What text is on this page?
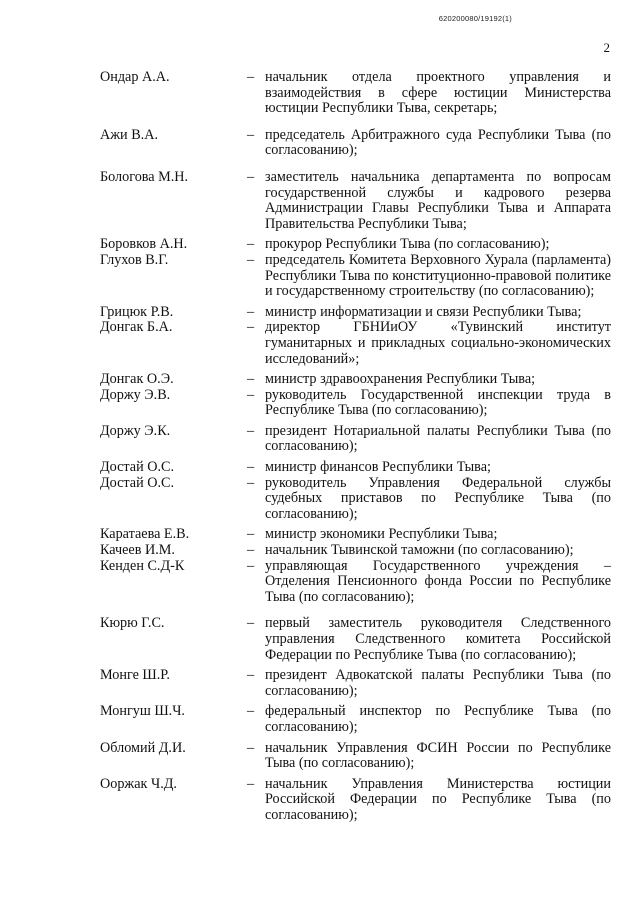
620200080/19192(1)
2
Ондар А.А.	– начальник отдела проектного управления и взаимодействия в сфере юстиции Министерства юстиции Республики Тыва, секретарь;
Ажи В.А.	– председатель Арбитражного суда Республики Тыва (по согласованию);
Бологова М.Н.	– заместитель начальника департамента по вопросам государственной службы и кадрового резерва Администрации Главы Республики Тыва и Аппарата Правительства Республики Тыва;
Боровков А.Н.	– прокурор Республики Тыва (по согласованию);
Глухов В.Г.	– председатель Комитета Верховного Хурала (парламента) Республики Тыва по конституционно-правовой политике и государственному строительству (по согласованию);
Грицюк Р.В.	– министр информатизации и связи Республики Тыва;
Донгак Б.А.	– директор ГБНИиОУ «Тувинский институт гуманитарных и прикладных социально-экономических исследований»;
Донгак О.Э.	– министр здравоохранения Республики Тыва;
Доржу Э.В.	– руководитель Государственной инспекции труда в Республике Тыва (по согласованию);
Доржу Э.К.	– президент Нотариальной палаты Республики Тыва (по согласованию);
Достай О.С.	– министр финансов Республики Тыва;
Достай О.С.	– руководитель Управления Федеральной службы судебных приставов по Республике Тыва (по согласованию);
Каратаева Е.В.	– министр экономики Республики Тыва;
Качеев И.М.	– начальник Тывинской таможни (по согласованию);
Кенден С.Д-К	– управляющая Государственного учреждения – Отделения Пенсионного фонда России по Республике Тыва (по согласованию);
Кюрю Г.С.	– первый заместитель руководителя Следственного управления Следственного комитета Российской Федерации по Республике Тыва (по согласованию);
Монге Ш.Р.	– президент Адвокатской палаты Республики Тыва (по согласованию);
Монгуш Ш.Ч.	– федеральный инспектор по Республике Тыва (по согласованию);
Обломий Д.И.	– начальник Управления ФСИН России по Республике Тыва (по согласованию);
Ооржак Ч.Д.	– начальник Управления Министерства юстиции Российской Федерации по Республике Тыва (по согласованию);
